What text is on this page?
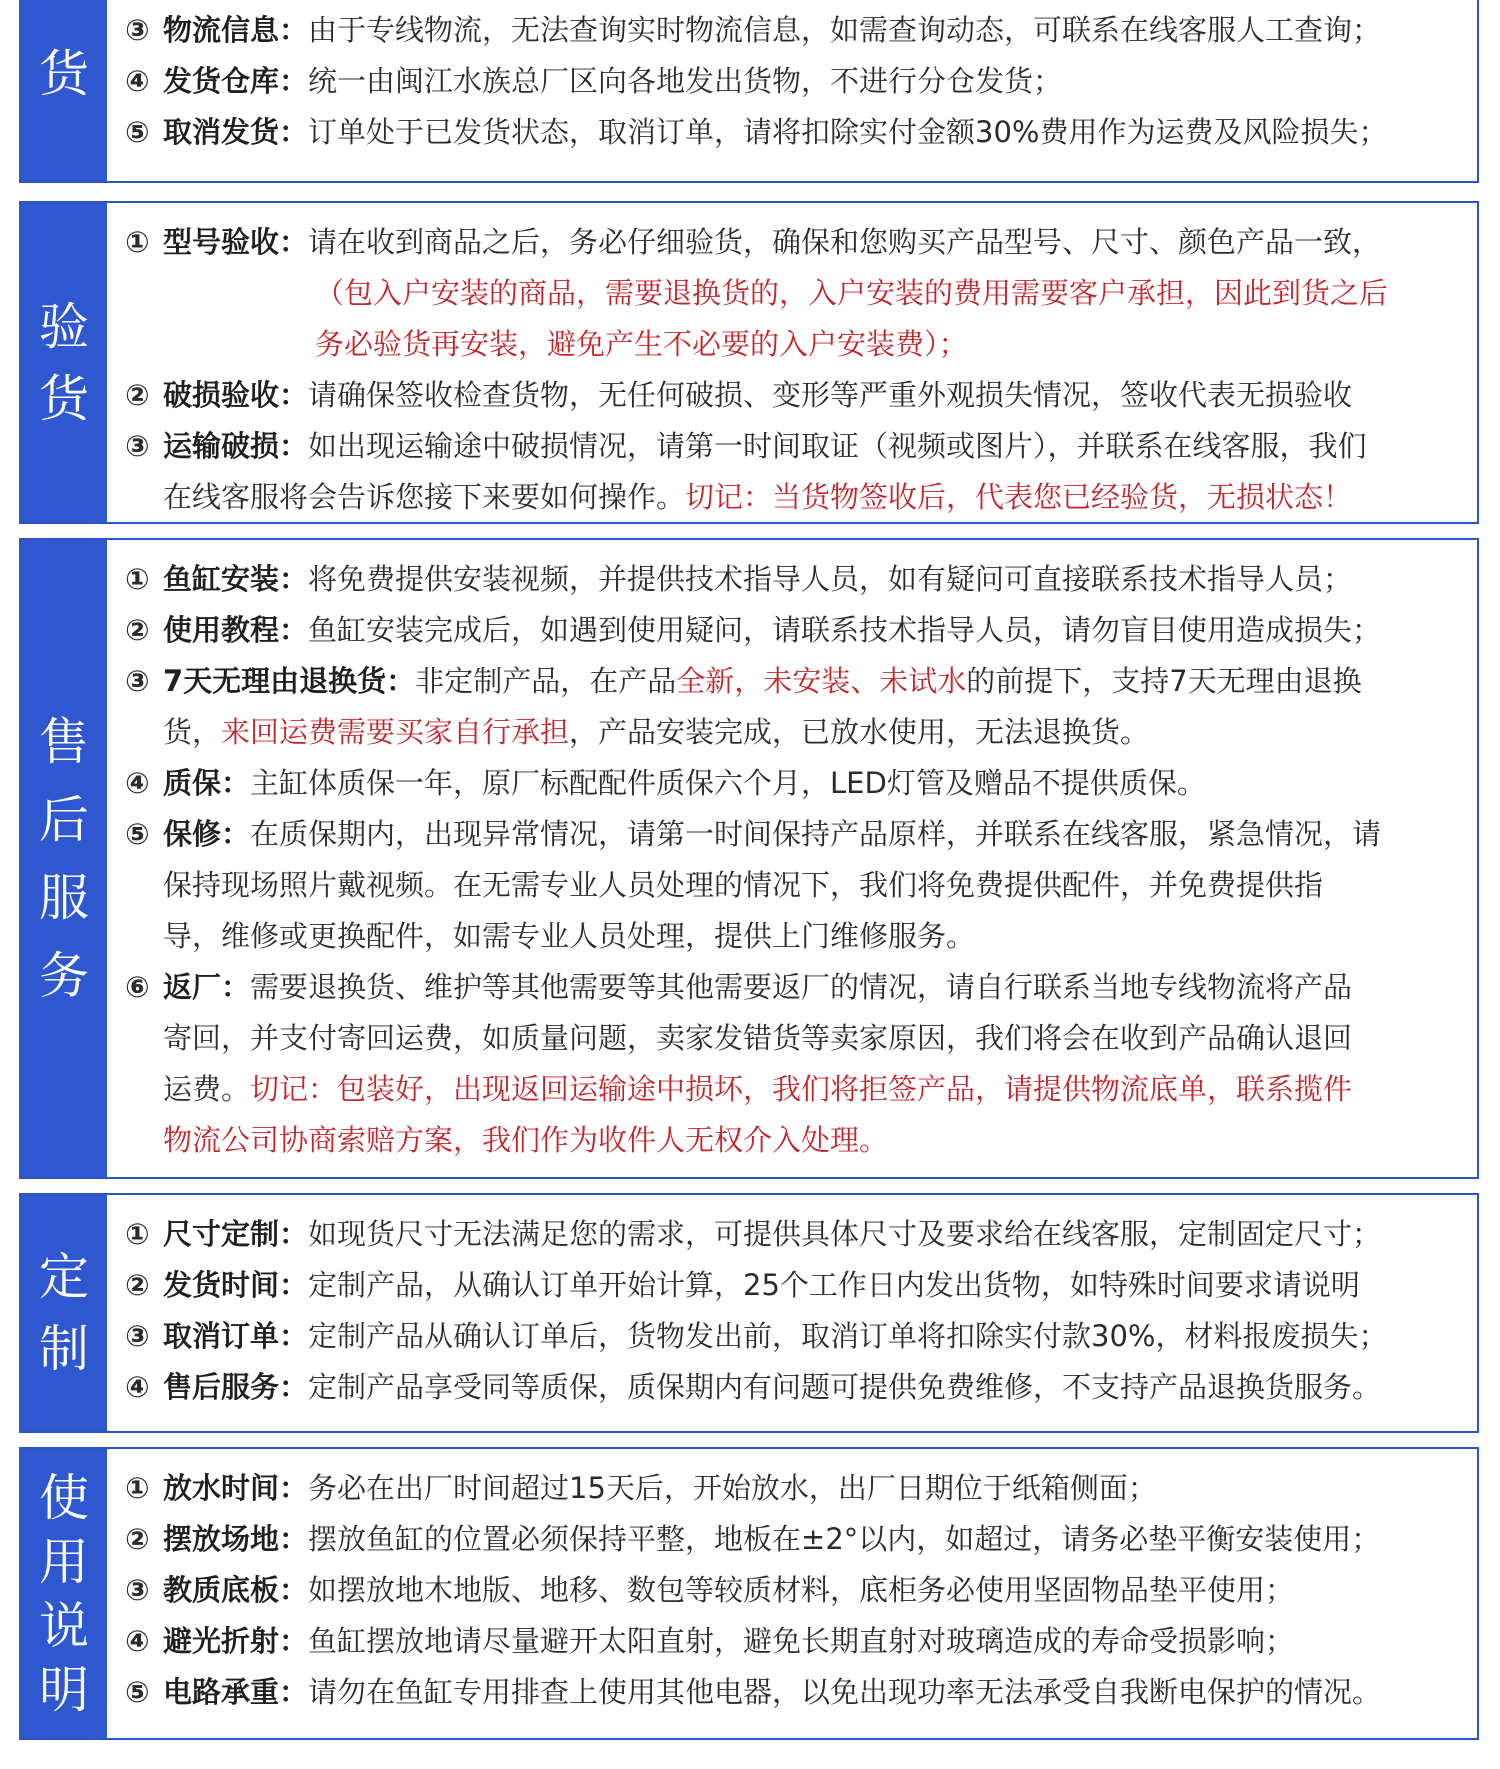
货
③ 物流信息：由于专线物流，无法查询实时物流信息，如需查询动态，可联系在线客服人工查询；
④ 发货仓库：统一由闽江水族总厂区向各地发出货物，不进行分仓发货；
⑤ 取消发货：订单处于已发货状态，取消订单，请将扣除实付金额30%费用作为运费及风险损失；
验
货
① 型号验收：请在收到商品之后，务必仔细验货，确保和您购买产品型号、尺寸、颜色产品一致，
（包入户安装的商品，需要退换货的，入户安装的费用需要客户承担，因此到货之后
务必验货再安装，避免产生不必要的入户安装费）；
② 破损验收：请确保签收检查货物，无任何破损、变形等严重外观损失情况，签收代表无损验收
③ 运输破损：如出现运输途中破损情况，请第一时间取证（视频或图片），并联系在线客服，我们
在线客服将会告诉您接下来要如何操作。切记：当货物签收后，代表您已经验货，无损状态！
售
后
服
务
① 鱼缸安装：将免费提供安装视频，并提供技术指导人员，如有疑问可直接联系技术指导人员；
② 使用教程：鱼缸安装完成后，如遇到使用疑问，请联系技术指导人员，请勿盲目使用造成损失；
③ 7天无理由退换货：非定制产品，在产品全新，未安装、未试水的前提下，支持7天无理由退换
货，来回运费需要买家自行承担，产品安装完成，已放水使用，无法退换货。
④ 质保：主缸体质保一年，原厂标配配件质保六个月，LED灯管及赠品不提供质保。
⑤ 保修：在质保期内，出现异常情况，请第一时间保持产品原样，并联系在线客服，紧急情况，请
保持现场照片戴视频。在无需专业人员处理的情况下，我们将免费提供配件，并免费提供指
导，维修或更换配件，如需专业人员处理，提供上门维修服务。
⑥ 返厂：需要退换货、维护等其他需要等其他需要返厂的情况，请自行联系当地专线物流将产品
寄回，并支付寄回运费，如质量问题，卖家发错货等卖家原因，我们将会在收到产品确认退回
运费。切记：包装好，出现返回运输途中损坏，我们将拒签产品，请提供物流底单，联系揽件
物流公司协商索赔方案，我们作为收件人无权介入处理。
定
制
① 尺寸定制：如现货尺寸无法满足您的需求，可提供具体尺寸及要求给在线客服，定制固定尺寸；
② 发货时间：定制产品，从确认订单开始计算，25个工作日内发出货物，如特殊时间要求请说明
③ 取消订单：定制产品从确认订单后，货物发出前，取消订单将扣除实付款30%，材料报废损失；
④ 售后服务：定制产品享受同等质保，质保期内有问题可提供免费维修，不支持产品退换货服务。
使
用
说
明
① 放水时间：务必在出厂时间超过15天后，开始放水，出厂日期位于纸箱侧面；
② 摆放场地：摆放鱼缸的位置必须保持平整，地板在±2°以内，如超过，请务必垫平衡安装使用；
③ 教质底板：如摆放地木地版、地移、数包等较质材料，底柜务必使用坚固物品垫平使用；
④ 避光折射：鱼缸摆放地请尽量避开太阳直射，避免长期直射对玻璃造成的寿命受损影响；
⑤ 电路承重：请勿在鱼缸专用排查上使用其他电器，以免出现功率无法承受自我断电保护的情况。
